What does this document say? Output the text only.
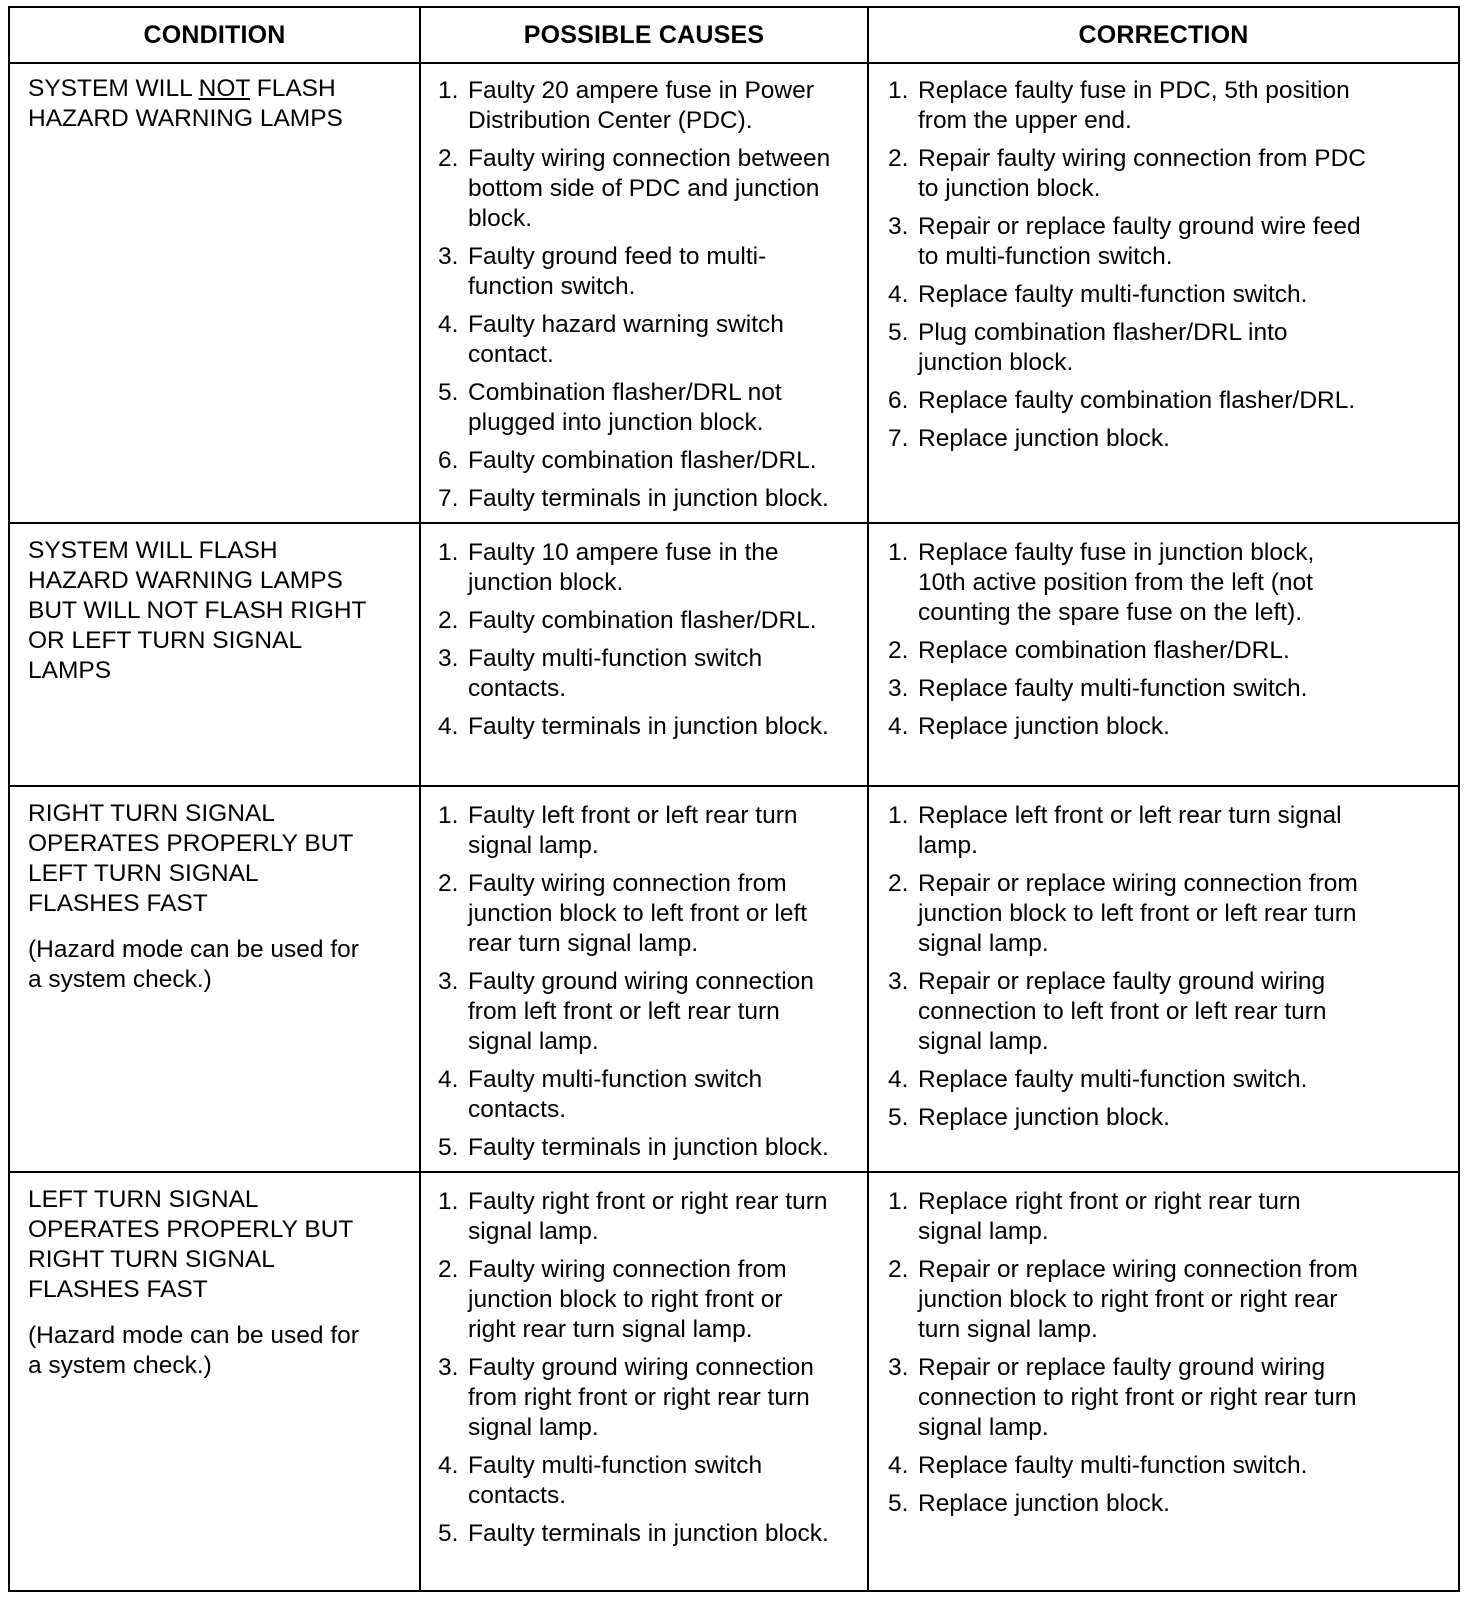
CONDITION	POSSIBLE CAUSES	CORRECTION
SYSTEM WILL NOT FLASH
HAZARD WARNING LAMPS
1. Faulty 20 ampere fuse in Power
Distribution Center (PDC).
2. Faulty wiring connection between
bottom side of PDC and junction
block.
3. Faulty ground feed to multi-
function switch.
4. Faulty hazard warning switch
contact.
5. Combination flasher/DRL not
plugged into junction block.
6. Faulty combination flasher/DRL.
7. Faulty terminals in junction block.
1. Replace faulty fuse in PDC, 5th position
from the upper end.
2. Repair faulty wiring connection from PDC
to junction block.
3. Repair or replace faulty ground wire feed
to multi-function switch.
4. Replace faulty multi-function switch.
5. Plug combination flasher/DRL into
junction block.
6. Replace faulty combination flasher/DRL.
7. Replace junction block.
SYSTEM WILL FLASH
HAZARD WARNING LAMPS
BUT WILL NOT FLASH RIGHT
OR LEFT TURN SIGNAL
LAMPS
1. Faulty 10 ampere fuse in the
junction block.
2. Faulty combination flasher/DRL.
3. Faulty multi-function switch
contacts.
4. Faulty terminals in junction block.
1. Replace faulty fuse in junction block,
10th active position from the left (not
counting the spare fuse on the left).
2. Replace combination flasher/DRL.
3. Replace faulty multi-function switch.
4. Replace junction block.
RIGHT TURN SIGNAL
OPERATES PROPERLY BUT
LEFT TURN SIGNAL
FLASHES FAST
(Hazard mode can be used for
a system check.)
1. Faulty left front or left rear turn
signal lamp.
2. Faulty wiring connection from
junction block to left front or left
rear turn signal lamp.
3. Faulty ground wiring connection
from left front or left rear turn
signal lamp.
4. Faulty multi-function switch
contacts.
5. Faulty terminals in junction block.
1. Replace left front or left rear turn signal
lamp.
2. Repair or replace wiring connection from
junction block to left front or left rear turn
signal lamp.
3. Repair or replace faulty ground wiring
connection to left front or left rear turn
signal lamp.
4. Replace faulty multi-function switch.
5. Replace junction block.
LEFT TURN SIGNAL
OPERATES PROPERLY BUT
RIGHT TURN SIGNAL
FLASHES FAST
(Hazard mode can be used for
a system check.)
1. Faulty right front or right rear turn
signal lamp.
2. Faulty wiring connection from
junction block to right front or
right rear turn signal lamp.
3. Faulty ground wiring connection
from right front or right rear turn
signal lamp.
4. Faulty multi-function switch
contacts.
5. Faulty terminals in junction block.
1. Replace right front or right rear turn
signal lamp.
2. Repair or replace wiring connection from
junction block to right front or right rear
turn signal lamp.
3. Repair or replace faulty ground wiring
connection to right front or right rear turn
signal lamp.
4. Replace faulty multi-function switch.
5. Replace junction block.
